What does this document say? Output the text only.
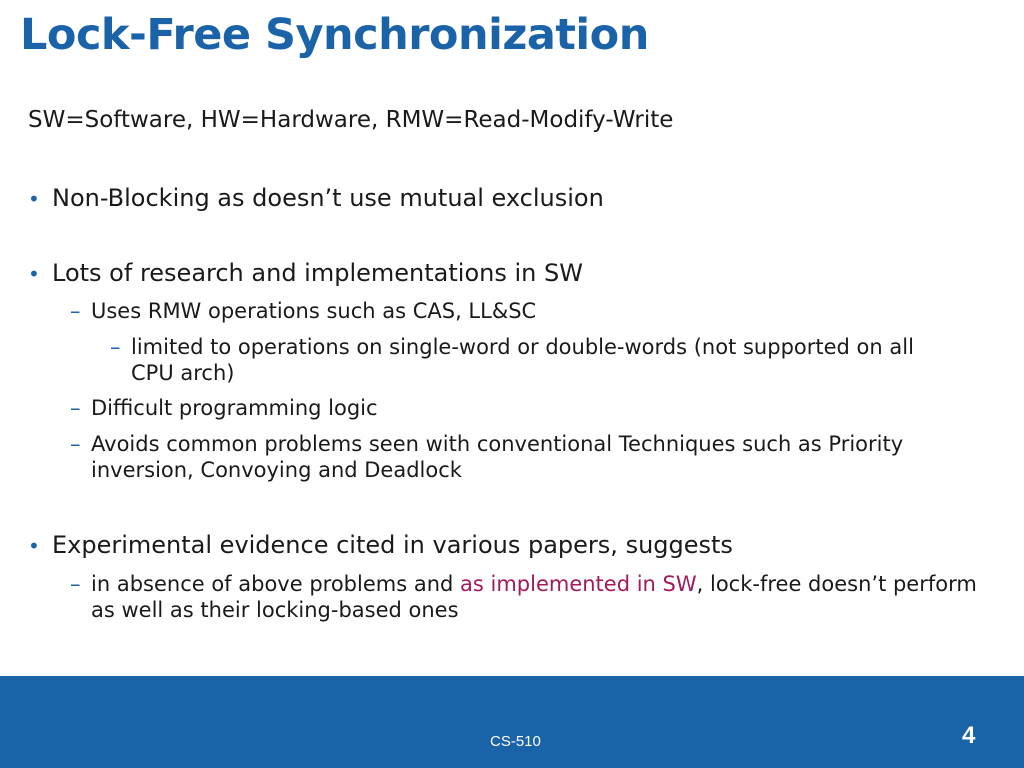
Lock-Free Synchronization
SW=Software, HW=Hardware, RMW=Read-Modify-Write
• Non-Blocking as doesn’t use mutual exclusion
• Lots of research and implementations in SW
– Uses RMW operations such as CAS, LL&SC
– limited to operations on single-word or double-words (not supported on all CPU arch)
– Difficult programming logic
– Avoids common problems seen with conventional Techniques such as Priority inversion, Convoying and Deadlock
• Experimental evidence cited in various papers, suggests
– in absence of above problems and as implemented in SW, lock-free doesn’t perform as well as their locking-based ones
CS-510	4
